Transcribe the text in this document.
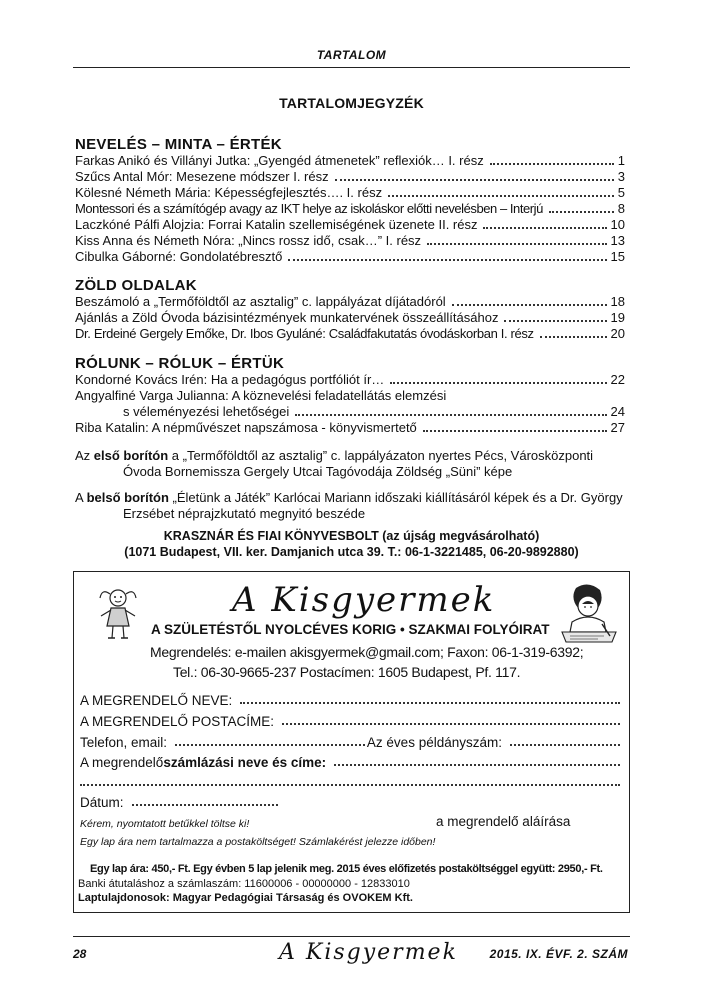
TARTALOM
TARTALOMJEGYZÉK
NEVELÉS – MINTA – ÉRTÉK
Farkas Anikó és Villányi Jutka: „Gyengéd átmenetek” reflexiók… I. rész	1
Szűcs Antal Mór: Mesezene módszer I. rész	3
Kölesné Németh Mária: Képességfejlesztés…. I. rész	5
Montessori és a számítógép avagy az IKT helye az iskoláskor előtti nevelésben – Interjú	8
Laczkóné Pálfi Alojzia: Forrai Katalin szellemiségének üzenete II. rész	10
Kiss Anna és Németh Nóra: „Nincs rossz idő, csak…” I. rész	13
Cibulka Gáborné: Gondolatébresztő	15
ZÖLD OLDALAK
Beszámoló a „Termőföldtől az asztalig” c. lappályázat díjátadóról	18
Ajánlás a Zöld Óvoda bázisintézmények munkatervének összeállításához	19
Dr. Erdeiné Gergely Emőke, Dr. Ibos Gyuláné: Családfakutatás óvodáskorban I. rész	20
RÓLUNK – RÓLUK – ÉRTÜK
Kondorné Kovács Irén: Ha a pedagógus portfóliót ír…	22
Angyalfiné Varga Julianna: A köznevelési feladatellátás elemzési
s véleményezési lehetőségei	24
Riba Katalin: A népművészet napszámosa - könyvismertető	27
Az első borítón a „Termőföldtől az asztalig” c. lappályázaton nyertes Pécs, Városközponti
Óvoda Bornemissza Gergely Utcai Tagóvodája Zöldség „Süni” képe
A belső borítón „Életünk a Játék” Karlócai Mariann időszaki kiállításáról képek és a Dr. György
Erzsébet néprajzkutató megnyitó beszéde
KRASZNÁR ÉS FIAI KÖNYVESBOLT (az újság megvásárolható)
(1071 Budapest, VII. ker. Damjanich utca 39. T.: 06-1-3221485, 06-20-9892880)
A Kisgyermek
A SZÜLETÉSTŐL NYOLCÉVES KORIG • SZAKMAI FOLYÓIRAT
Megrendelés: e-mailen akisgyermek@gmail.com; Faxon: 06-1-319-6392;
Tel.: 06-30-9665-237 Postacímen: 1605 Budapest, Pf. 117.
A MEGRENDELŐ NEVE:
A MEGRENDELŐ POSTACÍME:
Telefon, email:	Az éves példányszám:
A megrendelő számlázási neve és címe:
Dátum:
Kérem, nyomtatott betűkkel töltse ki!	a megrendelő aláírása
Egy lap ára nem tartalmazza a postaköltséget! Számlakérést jelezze időben!
Egy lap ára: 450,- Ft. Egy évben 5 lap jelenik meg. 2015 éves előfizetés postaköltséggel együtt: 2950,- Ft.
Banki átutaláshoz a számlaszám: 11600006 - 00000000 - 12833010
Laptulajdonosok: Magyar Pedagógiai Társaság és OVOKEM Kft.
28	A Kisgyermek	2015. IX. ÉVF. 2. SZÁM
